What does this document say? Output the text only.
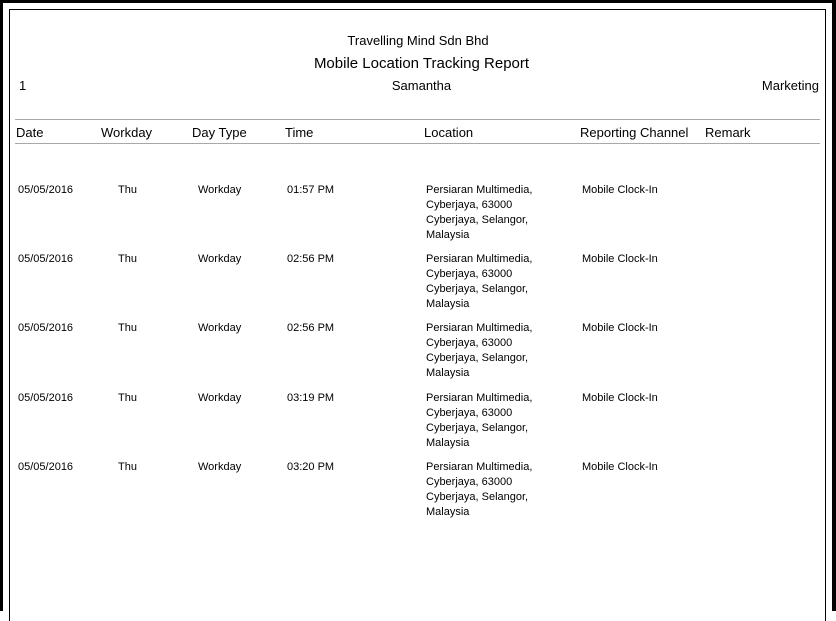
Travelling Mind Sdn Bhd
Mobile Location Tracking Report
1	Samantha	Marketing
Date	Workday	Day Type	Time	Location	Reporting Channel Remark
05/05/2016	Thu	Workday	01:57 PM	Persiaran Multimedia,
Cyberjaya, 63000
Cyberjaya, Selangor,
Malaysia
Mobile Clock-In
05/05/2016	Thu	Workday	02:56 PM	Persiaran Multimedia,
Cyberjaya, 63000
Cyberjaya, Selangor,
Malaysia
Mobile Clock-In
05/05/2016	Thu	Workday	02:56 PM	Persiaran Multimedia,
Cyberjaya, 63000
Cyberjaya, Selangor,
Malaysia
Mobile Clock-In
05/05/2016	Thu	Workday	03:19 PM	Persiaran Multimedia,
Cyberjaya, 63000
Cyberjaya, Selangor,
Malaysia
Mobile Clock-In
05/05/2016	Thu	Workday	03:20 PM	Persiaran Multimedia,
Cyberjaya, 63000
Cyberjaya, Selangor,
Malaysia
Mobile Clock-In
